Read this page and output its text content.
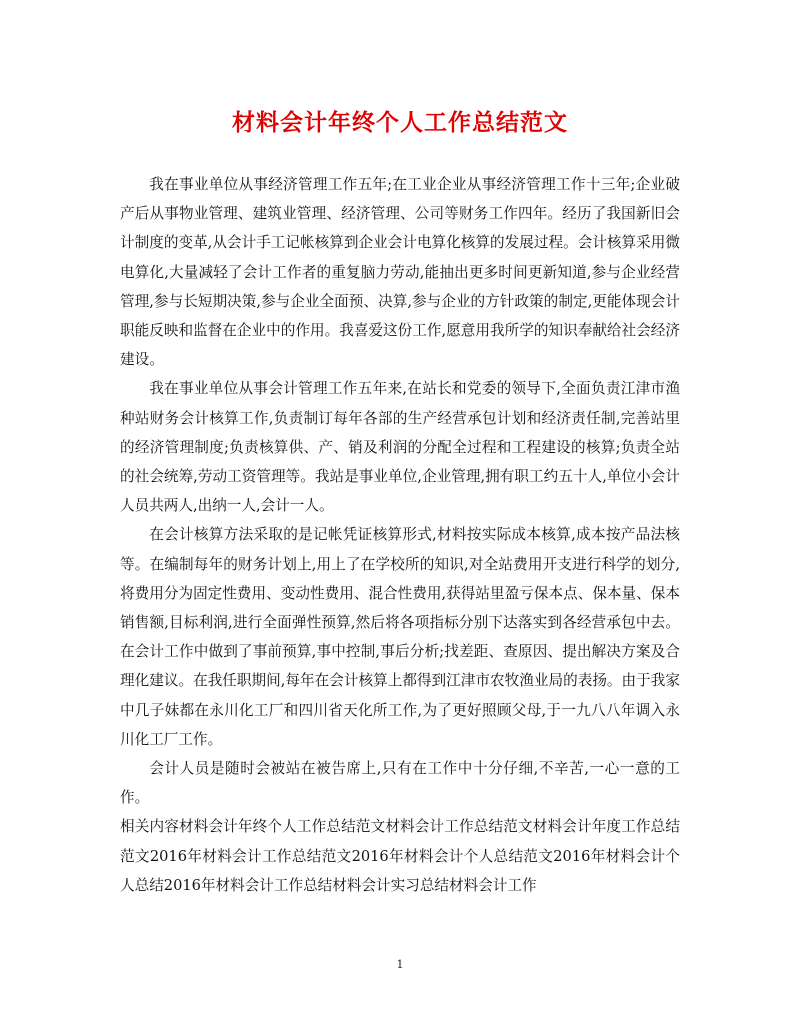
材料会计年终个人工作总结范文

我在事业单位从事经济管理工作五年;在工业企业从事经济管理工作十三年;企业破产后从事物业管理、建筑业管理、经济管理、公司等财务工作四年。经历了我国新旧会计制度的变革,从会计手工记帐核算到企业会计电算化核算的发展过程。会计核算采用微电算化,大量减轻了会计工作者的重复脑力劳动,能抽出更多时间更新知道,参与企业经营管理,参与长短期决策,参与企业全面预、决算,参与企业的方针政策的制定,更能体现会计职能反映和监督在企业中的作用。我喜爱这份工作,愿意用我所学的知识奉献给社会经济建设。

我在事业单位从事会计管理工作五年来,在站长和党委的领导下,全面负责江津市渔种站财务会计核算工作,负责制订每年各部的生产经营承包计划和经济责任制,完善站里的经济管理制度;负责核算供、产、销及利润的分配全过程和工程建设的核算;负责全站的社会统筹,劳动工资管理等。我站是事业单位,企业管理,拥有职工约五十人,单位小会计人员共两人,出纳一人,会计一人。

在会计核算方法采取的是记帐凭证核算形式,材料按实际成本核算,成本按产品法核等。在编制每年的财务计划上,用上了在学校所的知识,对全站费用开支进行科学的划分,将费用分为固定性费用、变动性费用、混合性费用,获得站里盈亏保本点、保本量、保本销售额,目标利润,进行全面弹性预算,然后将各项指标分别下达落实到各经营承包中去。在会计工作中做到了事前预算,事中控制,事后分析;找差距、查原因、提出解决方案及合理化建议。在我任职期间,每年在会计核算上都得到江津市农牧渔业局的表扬。由于我家中几子妹都在永川化工厂和四川省天化所工作,为了更好照顾父母,于一九八八年调入永川化工厂工作。

会计人员是随时会被站在被告席上,只有在工作中十分仔细,不辛苦,一心一意的工作。

相关内容材料会计年终个人工作总结范文材料会计工作总结范文材料会计年度工作总结范文2016年材料会计工作总结范文2016年材料会计个人总结范文2016年材料会计个人总结2016年材料会计工作总结材料会计实习总结材料会计工作

1
